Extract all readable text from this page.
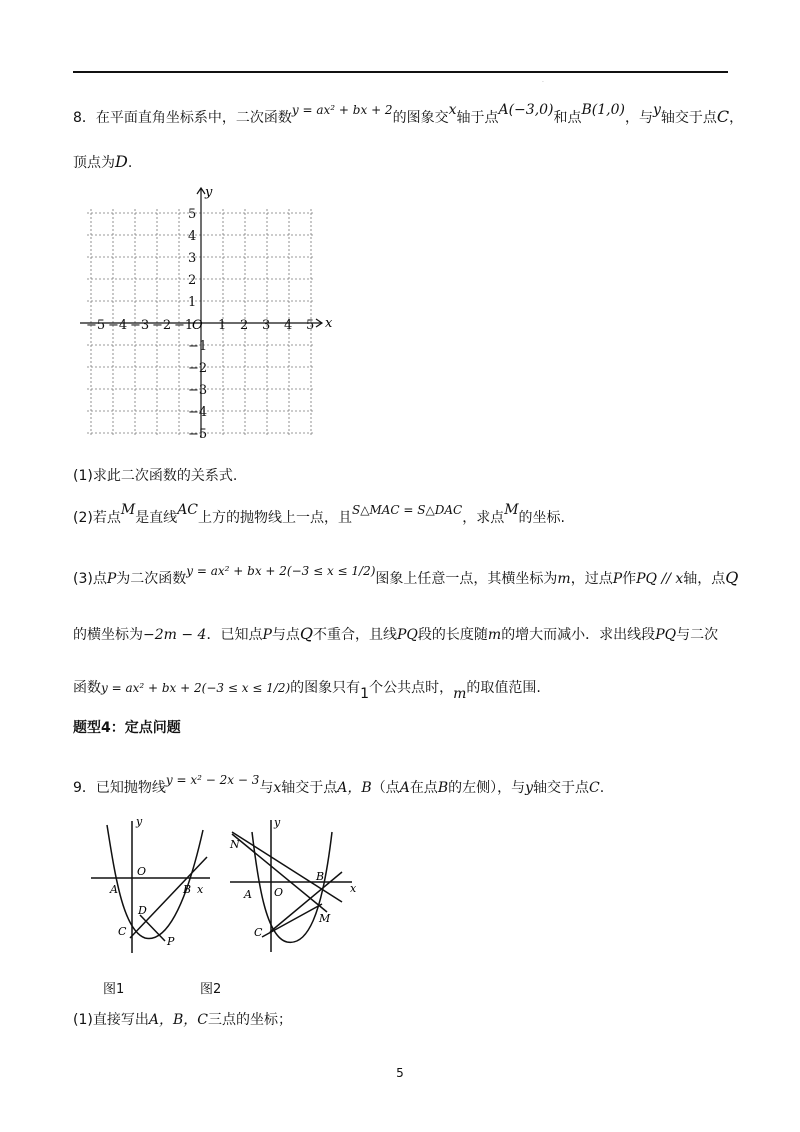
.
8．在平面直角坐标系中，二次函数y = ax² + bx + 2的图象交x轴于点A(−3,0)和点B(1,0)，与y轴交于点C，
顶点为D.
−5 −4 −3 −2 −1 1 2 3 4 5
5
4
3
2
1
−1
−2
−3
−4
−5
O	x
y
(1)求此二次函数的关系式.
(2)若点M是直线AC上方的抛物线上一点，且S△MAC = S△DAC，求点M的坐标.
(3)点P为二次函数y = ax² + bx + 2(−3 ≤ x ≤ 1/2)图象上任意一点，其横坐标为m，过点P作PQ // x轴，点Q
的横坐标为−2m − 4．已知点P与点Q不重合，且线PQ段的长度随m的增大而减小．求出线段PQ与二次
函数y = ax² + bx + 2(−3 ≤ x ≤ 1/2)的图象只有1个公共点时，m的取值范围.
题型4：定点问题
9．已知抛物线y = x² − 2x − 3与x轴交于点A，B（点A在点B的左侧），与y轴交于点C.
y
O
A	B x
D
C
P
y
N
B
x
A O
M
C
图1	图2
(1)直接写出A，B，C三点的坐标；
5
